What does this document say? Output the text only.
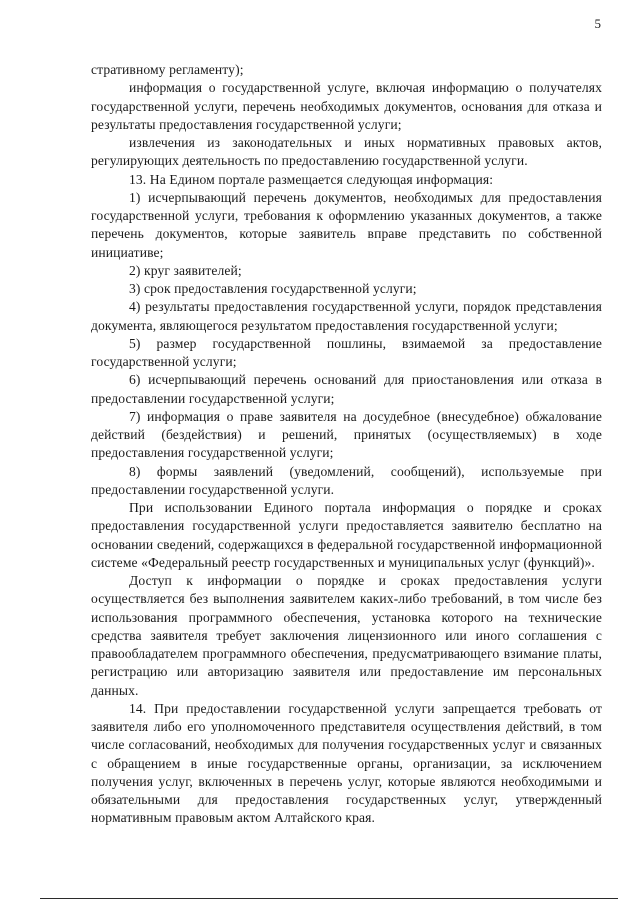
5

стративному регламенту);

информация о государственной услуге, включая информацию о получателях государственной услуги, перечень необходимых документов, основания для отказа и результаты предоставления государственной услуги;

извлечения из законодательных и иных нормативных правовых актов, регулирующих деятельность по предоставлению государственной услуги.

13. На Едином портале размещается следующая информация:

1) исчерпывающий перечень документов, необходимых для предоставления государственной услуги, требования к оформлению указанных документов, а также перечень документов, которые заявитель вправе представить по собственной инициативе;

2) круг заявителей;

3) срок предоставления государственной услуги;

4) результаты предоставления государственной услуги, порядок представления документа, являющегося результатом предоставления государственной услуги;

5) размер государственной пошлины, взимаемой за предоставление государственной услуги;

6) исчерпывающий перечень оснований для приостановления или отказа в предоставлении государственной услуги;

7) информация о праве заявителя на досудебное (внесудебное) обжалование действий (бездействия) и решений, принятых (осуществляемых) в ходе предоставления государственной услуги;

8) формы заявлений (уведомлений, сообщений), используемые при предоставлении государственной услуги.

При использовании Единого портала информация о порядке и сроках предоставления государственной услуги предоставляется заявителю бесплатно на основании сведений, содержащихся в федеральной государственной информационной системе «Федеральный реестр государственных и муниципальных услуг (функций)».

Доступ к информации о порядке и сроках предоставления услуги осуществляется без выполнения заявителем каких-либо требований, в том числе без использования программного обеспечения, установка которого на технические средства заявителя требует заключения лицензионного или иного соглашения с правообладателем программного обеспечения, предусматривающего взимание платы, регистрацию или авторизацию заявителя или предоставление им персональных данных.

14. При предоставлении государственной услуги запрещается требовать от заявителя либо его уполномоченного представителя осуществления действий, в том числе согласований, необходимых для получения государственных услуг и связанных с обращением в иные государственные органы, организации, за исключением получения услуг, включенных в перечень услуг, которые являются необходимыми и обязательными для предоставления государственных услуг, утвержденный нормативным правовым актом Алтайского края.
